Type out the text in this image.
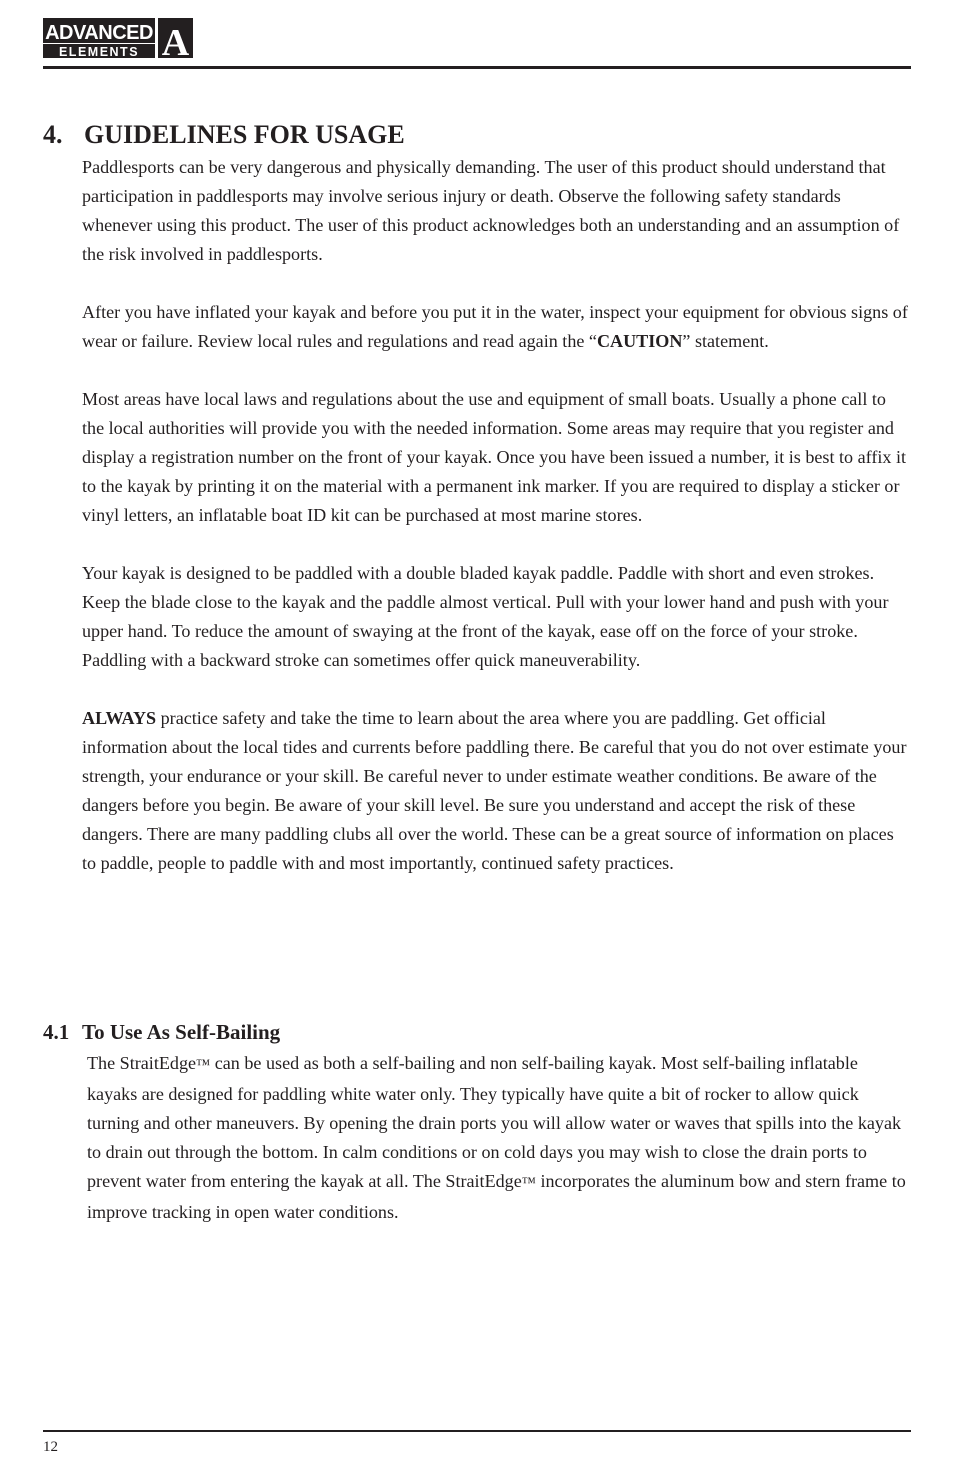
ADVANCED
ELEMENTS A
4. GUIDELINES FOR USAGE

Paddlesports can be very dangerous and physically demanding. The user of this product should understand that participation in paddlesports may involve serious injury or death. Observe the following safety standards whenever using this product. The user of this product acknowledges both an understanding and an assumption of the risk involved in paddlesports.

After you have inflated your kayak and before you put it in the water, inspect your equipment for obvious signs of wear or failure. Review local rules and regulations and read again the “CAUTION” statement.

Most areas have local laws and regulations about the use and equipment of small boats. Usually a phone call to the local authorities will provide you with the needed information. Some areas may require that you register and display a registration number on the front of your kayak. Once you have been issued a number, it is best to affix it to the kayak by printing it on the material with a permanent ink marker. If you are required to display a sticker or vinyl letters, an inflatable boat ID kit can be purchased at most marine stores.

Your kayak is designed to be paddled with a double bladed kayak paddle. Paddle with short and even strokes. Keep the blade close to the kayak and the paddle almost vertical. Pull with your lower hand and push with your upper hand. To reduce the amount of swaying at the front of the kayak, ease off on the force of your stroke. Paddling with a backward stroke can sometimes offer quick maneuverability.

ALWAYS practice safety and take the time to learn about the area where you are paddling. Get official information about the local tides and currents before paddling there. Be careful that you do not over estimate your strength, your endurance or your skill. Be careful never to under estimate weather conditions. Be aware of the dangers before you begin. Be aware of your skill level. Be sure you understand and accept the risk of these dangers. There are many paddling clubs all over the world. These can be a great source of information on places to paddle, people to paddle with and most importantly, continued safety practices.

4.1 To Use As Self-Bailing

The StraitEdge™ can be used as both a self-bailing and non self-bailing kayak. Most self-bailing inflatable kayaks are designed for paddling white water only. They typically have quite a bit of rocker to allow quick turning and other maneuvers. By opening the drain ports you will allow water or waves that spills into the kayak to drain out through the bottom. In calm conditions or on cold days you may wish to close the drain ports to prevent water from entering the kayak at all. The StraitEdge™ incorporates the aluminum bow and stern frame to improve tracking in open water conditions.

12
